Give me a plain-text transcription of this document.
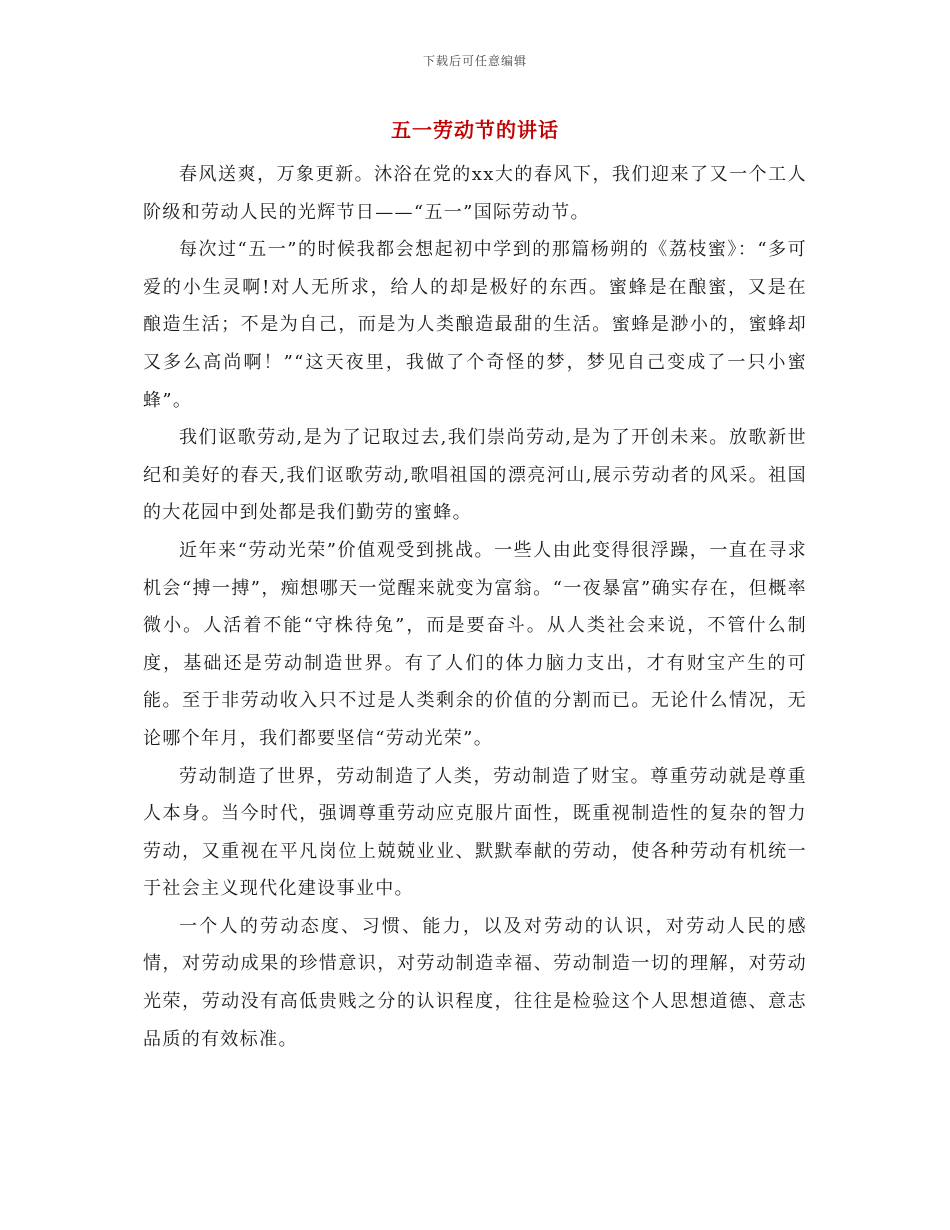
下载后可任意编辑
五一劳动节的讲话

春风送爽，万象更新。沐浴在党的xx大的春风下，我们迎来了又一个工人阶级和劳动人民的光辉节日——“五一”国际劳动节。

每次过“五一”的时候我都会想起初中学到的那篇杨朔的《荔枝蜜》：“多可爱的小生灵啊!对人无所求，给人的却是极好的东西。蜜蜂是在酿蜜，又是在酿造生活；不是为自己，而是为人类酿造最甜的生活。蜜蜂是渺小的，蜜蜂却又多么高尚啊！”“这天夜里，我做了个奇怪的梦，梦见自己变成了一只小蜜蜂”。

我们讴歌劳动,是为了记取过去,我们崇尚劳动,是为了开创未来。放歌新世纪和美好的春天,我们讴歌劳动,歌唱祖国的漂亮河山,展示劳动者的风采。祖国的大花园中到处都是我们勤劳的蜜蜂。

近年来“劳动光荣”价值观受到挑战。一些人由此变得很浮躁，一直在寻求机会“搏一搏”，痴想哪天一觉醒来就变为富翁。“一夜暴富”确实存在，但概率微小。人活着不能“守株待兔”，而是要奋斗。从人类社会来说，不管什么制度，基础还是劳动制造世界。有了人们的体力脑力支出，才有财宝产生的可能。至于非劳动收入只不过是人类剩余的价值的分割而已。无论什么情况，无论哪个年月，我们都要坚信“劳动光荣”。

劳动制造了世界，劳动制造了人类，劳动制造了财宝。尊重劳动就是尊重人本身。当今时代，强调尊重劳动应克服片面性，既重视制造性的复杂的智力劳动，又重视在平凡岗位上兢兢业业、默默奉献的劳动，使各种劳动有机统一于社会主义现代化建设事业中。

一个人的劳动态度、习惯、能力，以及对劳动的认识，对劳动人民的感情，对劳动成果的珍惜意识，对劳动制造幸福、劳动制造一切的理解，对劳动光荣，劳动没有高低贵贱之分的认识程度，往往是检验这个人思想道德、意志品质的有效标准。
